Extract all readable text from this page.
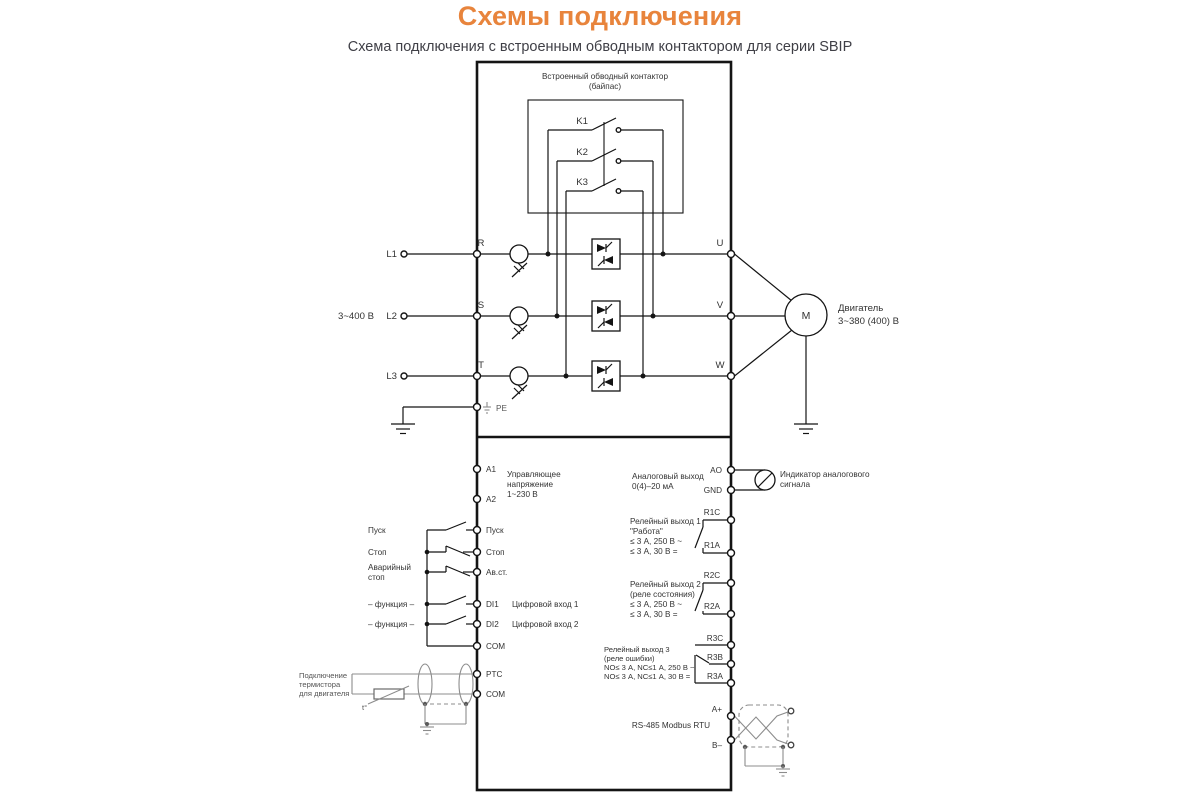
Схемы подключения

Схема подключения с встроенным обводным контактором для серии SBIP

Встроенный обводный контактор
(байпас)
K1
K2
K3
3~400 В
L1
L2
L3
R
S
T
PE
U
V
W
М
Двигатель
3~380 (400) В
A1
A2
Управляющее
напряжение
1~230 В
Пуск
Стоп
Аварийный
стоп
– функция –
– функция –
Пуск
Стоп
Ав.ст.
DI1
DI2
COM
Цифровой вход 1
Цифровой вход 2
Подключение
термистора
для двигателя
t°
PTC
COM
Аналоговый выход
0(4)–20 мА
AO
GND
Индикатор аналогового
сигнала
Релейный выход 1
"Работа"
≤ 3 А, 250 В ~
≤ 3 А, 30 В =
R1C
R1A
Релейный выход 2
(реле состояния)
≤ 3 А, 250 В ~
≤ 3 А, 30 В =
R2C
R2A
Релейный выход 3
(реле ошибки)
NO≤ 3 А, NC≤1 А, 250 В ~
NO≤ 3 А, NC≤1 А, 30 В =
R3C
R3B
R3A
RS-485 Modbus RTU
A+
B–
